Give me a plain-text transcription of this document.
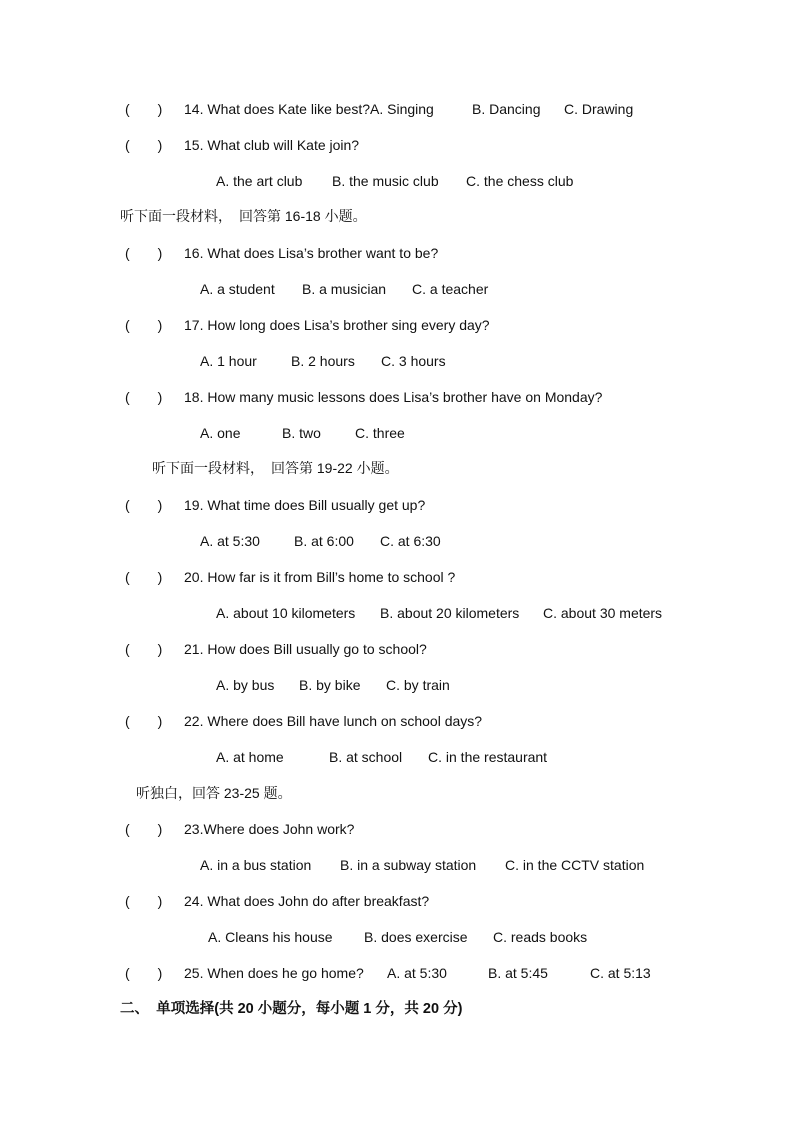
(　　) 14. What does Kate like best?A. Singing	B. Dancing C. Drawing
(　　) 15. What club will Kate join?
A. the art club B. the music club C. the chess club
听下面一段材料，　回答第 16-18 小题。
(　　) 16. What does Lisa’s brother want to be?
A. a student B. a musician C. a teacher
(　　) 17. How long does Lisa’s brother sing every day?
A. 1 hour B. 2 hours C. 3 hours
(　　) 18. How many music lessons does Lisa’s brother have on Monday?
A. one	B. two C. three
听下面一段材料，　回答第 19-22 小题。
(　　) 19. What time does Bill usually get up?
A. at 5:30 B. at 6:00 C. at 6:30
(　　) 20. How far is it from Bill’s home to school ?
A. about 10 kilometers B. about 20 kilometers C. about 30 meters
(　　) 21. How does Bill usually go to school?
A. by bus B. by bike C. by train
(　　) 22. Where does Bill have lunch on school days?
A. at home	B. at school C. in the restaurant
听独白，回答 23-25 题。
(　　) 23.Where does John work?
A. in a bus station B. in a subway station C. in the CCTV station
(　　) 24. What does John do after breakfast?
A. Cleans his house B. does exercise C. reads books
(　　) 25. When does he go home? A. at 5:30	B. at 5:45	C. at 5:13
二、　单项选择(共 20 小题分，每小题 1 分，共 20 分)
